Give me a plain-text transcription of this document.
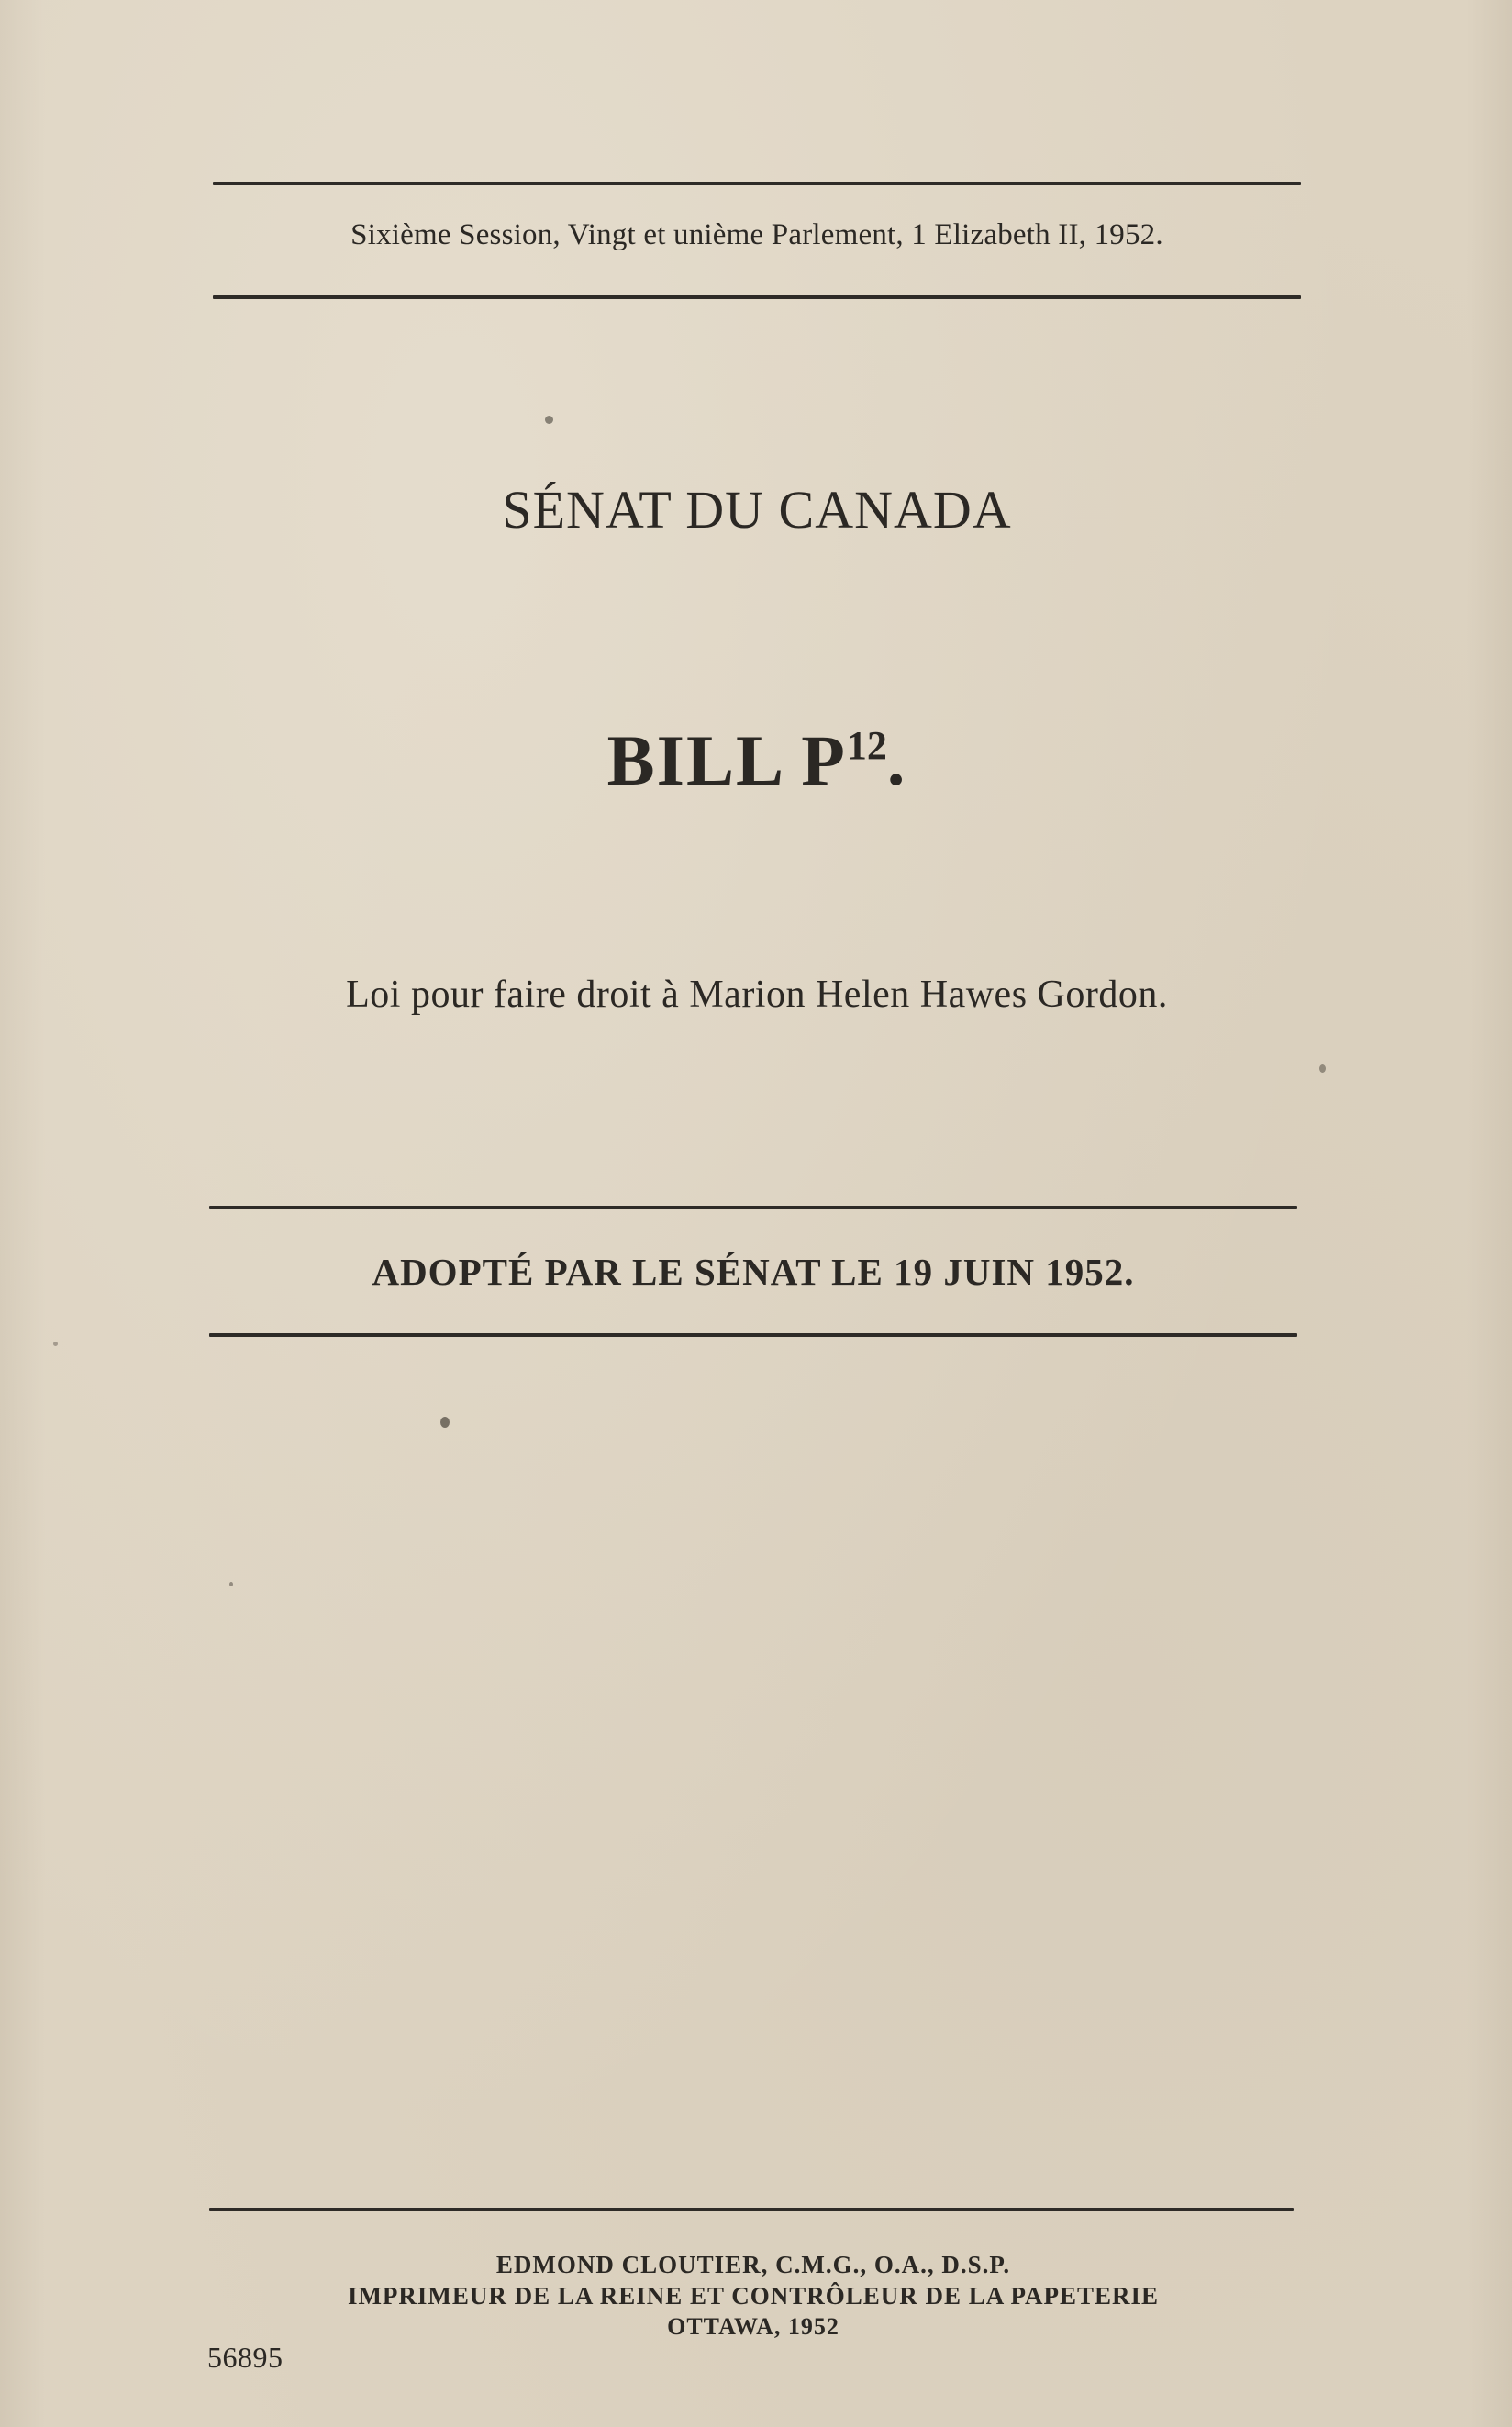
Sixième Session, Vingt et unième Parlement, 1 Elizabeth II, 1952.
SÉNAT DU CANADA
BILL $P^{12}$.
Loi pour faire droit à Marion Helen Hawes Gordon.
ADOPTÉ PAR LE SÉNAT LE 19 JUIN 1952.
EDMOND CLOUTIER, C.M.G., O.A., D.S.P.
IMPRIMEUR DE LA REINE ET CONTRÔLEUR DE LA PAPETERIE
OTTAWA, 1952
56895
